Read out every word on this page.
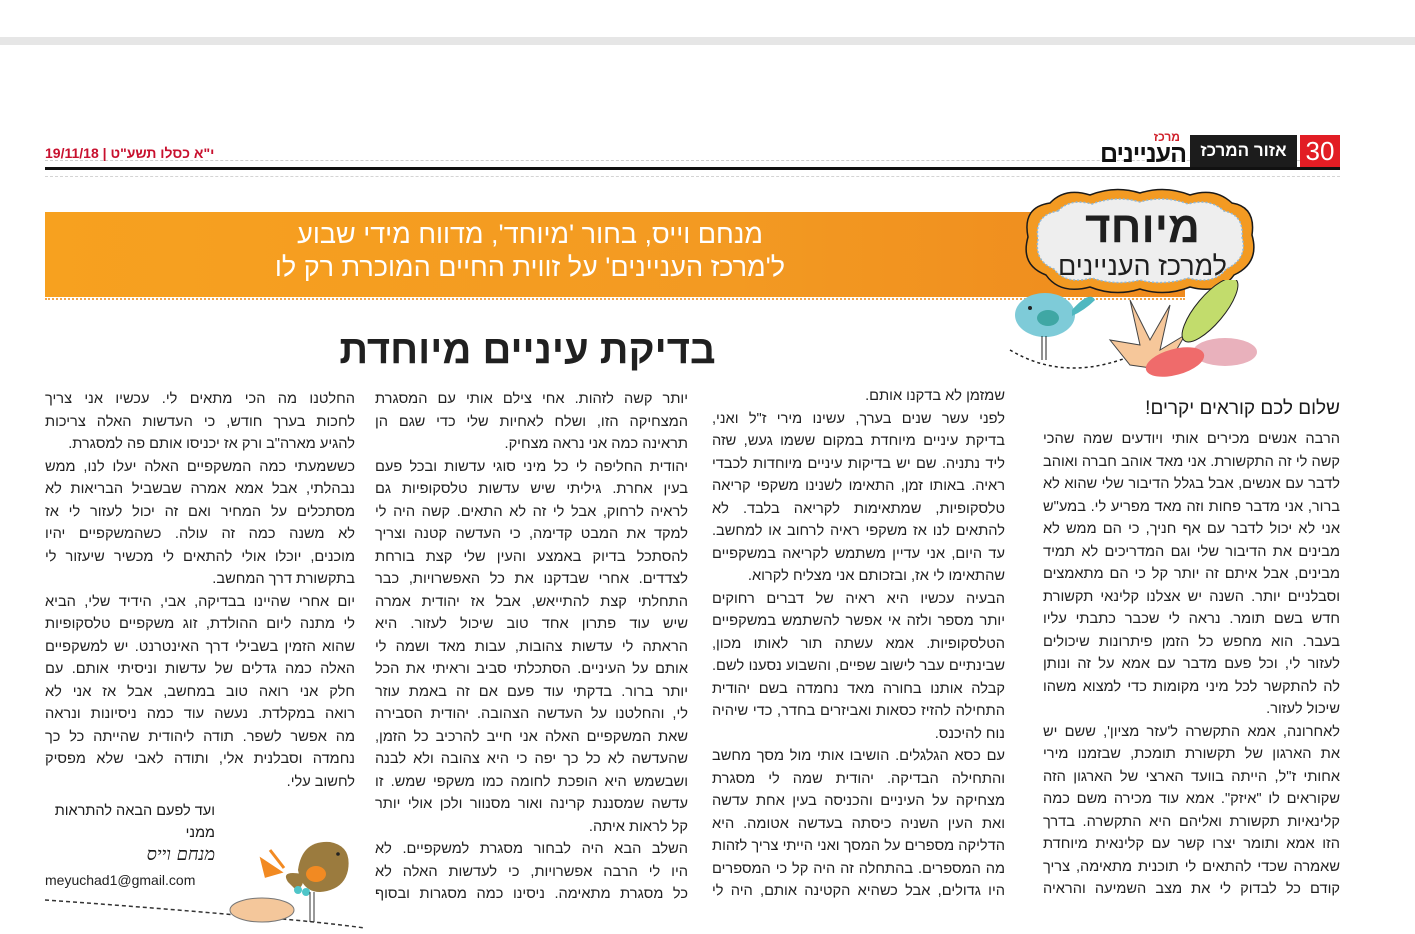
30
אזור המרכז
מרכז
העניינים
י"א כסלו תשע"ט | 19/11/18
מנחם וייס, בחור 'מיוחד', מדווח מידי שבוע
ל'מרכז העניינים' על זווית החיים המוכרת רק לו
מיוחד
למרכז העניינים
בדיקת עיניים מיוחדת
שלום לכם קוראים יקרים!
הרבה אנשים מכירים אותי ויודעים שמה שהכי
קשה לי זה התקשורת. אני מאד אוהב חברה ואוהב
לדבר עם אנשים, אבל בגלל הדיבור שלי שהוא לא
ברור, אני מדבר פחות וזה מאד מפריע לי. במע"ש
אני לא יכול לדבר עם אף חניך, כי הם ממש לא
מבינים את הדיבור שלי וגם המדריכים לא תמיד
מבינים, אבל איתם זה יותר קל כי הם מתאמצים
וסבלניים יותר. השנה יש אצלנו קלינאי תקשורת
חדש בשם תומר. נראה לי שכבר כתבתי עליו
בעבר. הוא מחפש כל הזמן פיתרונות שיכולים
לעזור לי, וכל פעם מדבר עם אמא על זה ונותן
לה להתקשר לכל מיני מקומות כדי למצוא משהו
שיכול לעזור.
לאחרונה, אמא התקשרה ל'עזר מציון', ששם יש
את הארגון של תקשורת תומכת, שבזמנו מירי
אחותי ז"ל, הייתה בוועד הארצי של הארגון הזה
שקוראים לו "איזק". אמא עוד מכירה משם כמה
קלינאיות תקשורת ואליהם היא התקשרה. בדרך
הזו אמא ותומר יצרו קשר עם קלינאית מיוחדת
שאמרה שכדי להתאים לי תוכנית מתאימה, צריך
קודם כל לבדוק לי את מצב השמיעה והראיה
שמזמן לא בדקנו אותם.
לפני עשר שנים בערך, עשינו מירי ז"ל ואני,
בדיקת עיניים מיוחדת במקום ששמו געש, שזה
ליד נתניה. שם יש בדיקות עיניים מיוחדות לכבדי
ראיה. באותו זמן, התאימו לשנינו משקפי קריאה
טלסקופיות, שמתאימות לקריאה בלבד. לא
להתאים לנו אז משקפי ראיה לרחוב או למחשב.
עד היום, אני עדיין משתמש לקריאה במשקפיים
שהתאימו לי אז, ובזכותם אני מצליח לקרוא.
הבעיה עכשיו היא ראיה של דברים רחוקים
יותר מספר ולזה אי אפשר להשתמש במשקפיים
הטלסקופיות. אמא עשתה תור לאותו מכון,
שבינתיים עבר לישוב שפיים, והשבוע נסענו לשם.
קבלה אותנו בחורה מאד נחמדה בשם יהודית
התחילה להזיז כסאות ואביזרים בחדר, כדי שיהיה
נוח להיכנס.
עם כסא הגלגלים. הושיבו אותי מול מסך מחשב
והתחילה הבדיקה. יהודית שמה לי מסגרת
מצחיקה על העיניים והכניסה בעין אחת עדשה
ואת העין השניה כיסתה בעדשה אטומה. היא
הדליקה מספרים על המסך ואני הייתי צריך לזהות
מה המספרים. בהתחלה זה היה קל כי המספרים
היו גדולים, אבל כשהיא הקטינה אותם, היה לי
יותר קשה לזהות. אחי צילם אותי עם המסגרת
המצחיקה הזו, ושלח לאחיות שלי כדי שגם הן
תראינה כמה אני נראה מצחיק.
יהודית החליפה לי כל מיני סוגי עדשות ובכל פעם
בעין אחרת. גיליתי שיש עדשות טלסקופיות גם
לראיה לרחוק, אבל לי זה לא התאים. קשה היה לי
למקד את המבט קדימה, כי העדשה קטנה וצריך
להסתכל בדיוק באמצע והעין שלי קצת בורחת
לצדדים. אחרי שבדקנו את כל האפשרויות, כבר
התחלתי קצת להתייאש, אבל אז יהודית אמרה
שיש עוד פתרון אחד טוב שיכול לעזור. היא
הראתה לי עדשות צהובות, עבות מאד ושמה לי
אותם על העיניים. הסתכלתי סביב וראיתי את הכל
יותר ברור. בדקתי עוד פעם אם זה באמת עוזר
לי, והחלטנו על העדשה הצהובה. יהודית הסבירה
שאת המשקפיים האלה אני חייב להרכיב כל הזמן,
שהעדשה לא כל כך יפה כי היא צהובה ולא לבנה
ושבשמש היא הופכת לחומה כמו משקפי שמש. זו
עדשה שמסננת קרינה ואור מסנוור ולכן אולי יותר
קל לראות איתה.
השלב הבא היה לבחור מסגרת למשקפיים. לא
היו לי הרבה אפשרויות, כי לעדשות האלה לא
כל מסגרת מתאימה. ניסינו כמה מסגרות ובסוף
החלטנו מה הכי מתאים לי. עכשיו אני צריך
לחכות בערך חודש, כי העדשות האלה צריכות
להגיע מארה"ב ורק אז יכניסו אותם פה למסגרת.
כששמעתי כמה המשקפיים האלה יעלו לנו, ממש
נבהלתי, אבל אמא אמרה שבשביל הבריאות לא
מסתכלים על המחיר ואם זה יכול לעזור לי אז
לא משנה כמה זה עולה. כשהמשקפיים יהיו
מוכנים, יוכלו אולי להתאים לי מכשיר שיעזור לי
בתקשורת דרך המחשב.
יום אחרי שהיינו בבדיקה, אבי, הידיד שלי, הביא
לי מתנה ליום ההולדת, זוג משקפיים טלסקופיות
שהוא הזמין בשבילי דרך האינטרנט. יש למשקפיים
האלה כמה גדלים של עדשות וניסיתי אותם. עם
חלק אני רואה טוב במחשב, אבל אז אני לא
רואה במקלדת. נעשה עוד כמה ניסיונות ונראה
מה אפשר לשפר. תודה ליהודית שהייתה כל כך
נחמדה וסבלנית אלי, ותודה לאבי שלא מפסיק
לחשוב עלי.
ועד לפעם הבאה להתראות
ממני
מנחם וייס
meyuchad1@gmail.com
